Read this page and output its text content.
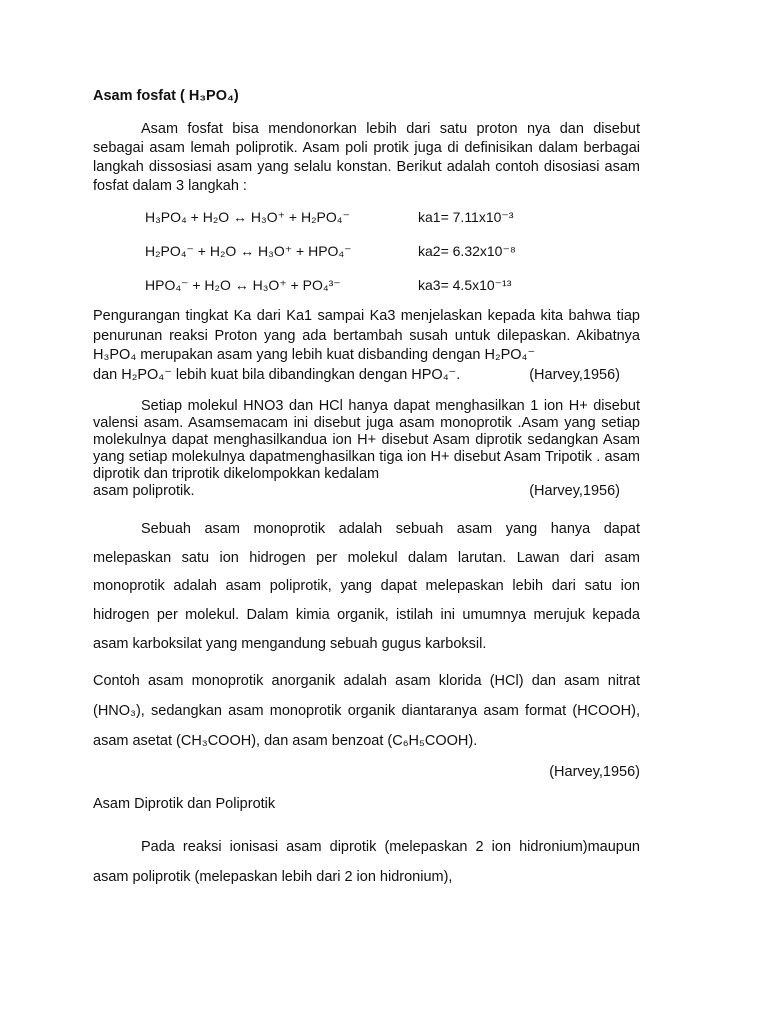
Asam fosfat ( H₃PO₄)

Asam fosfat bisa mendonorkan lebih dari satu proton nya dan disebut sebagai asam lemah poliprotik. Asam poli protik juga di definisikan dalam berbagai langkah dissosiasi asam yang selalu konstan. Berikut adalah contoh disosiasi asam fosfat dalam 3 langkah :

H₃PO₄ + H₂O ↔ H₃O⁺ + H₂PO₄⁻	ka1= 7.11x10⁻³
H₂PO₄⁻ + H₂O ↔ H₃O⁺ + HPO₄⁻	ka2= 6.32x10⁻⁸
HPO₄⁻ + H₂O ↔ H₃O⁺ + PO₄³⁻	ka3= 4.5x10⁻¹³
Pengurangan tingkat Ka dari Ka1 sampai Ka3 menjelaskan kepada kita bahwa tiap penurunan reaksi Proton yang ada bertambah susah untuk dilepaskan. Akibatnya H₃PO₄ merupakan asam yang lebih kuat disbanding dengan H₂PO₄⁻
dan H₂PO₄⁻ lebih kuat bila dibandingkan dengan HPO₄⁻.	(Harvey,1956)
Setiap molekul HNO3 dan HCl hanya dapat menghasilkan 1 ion H+ disebut valensi asam. Asamsemacam ini disebut juga asam monoprotik .Asam yang setiap molekulnya dapat menghasilkandua ion H+ disebut Asam diprotik sedangkan Asam yang setiap molekulnya dapatmenghasilkan tiga ion H+ disebut Asam Tripotik . asam diprotik dan triprotik dikelompokkan kedalam
asam poliprotik.	(Harvey,1956)

Sebuah asam monoprotik adalah sebuah asam yang hanya dapat melepaskan satu ion hidrogen per molekul dalam larutan. Lawan dari asam monoprotik adalah asam poliprotik, yang dapat melepaskan lebih dari satu ion hidrogen per molekul. Dalam kimia organik, istilah ini umumnya merujuk kepada asam karboksilat yang mengandung sebuah gugus karboksil.

Contoh asam monoprotik anorganik adalah asam klorida (HCl) dan asam nitrat (HNO₃), sedangkan asam monoprotik organik diantaranya asam format (HCOOH), asam asetat (CH₃COOH), dan asam benzoat (C₆H₅COOH).

(Harvey,1956)
Asam Diprotik dan Poliprotik

Pada reaksi ionisasi asam diprotik (melepaskan 2 ion hidronium)maupun asam poliprotik (melepaskan lebih dari 2 ion hidronium),
